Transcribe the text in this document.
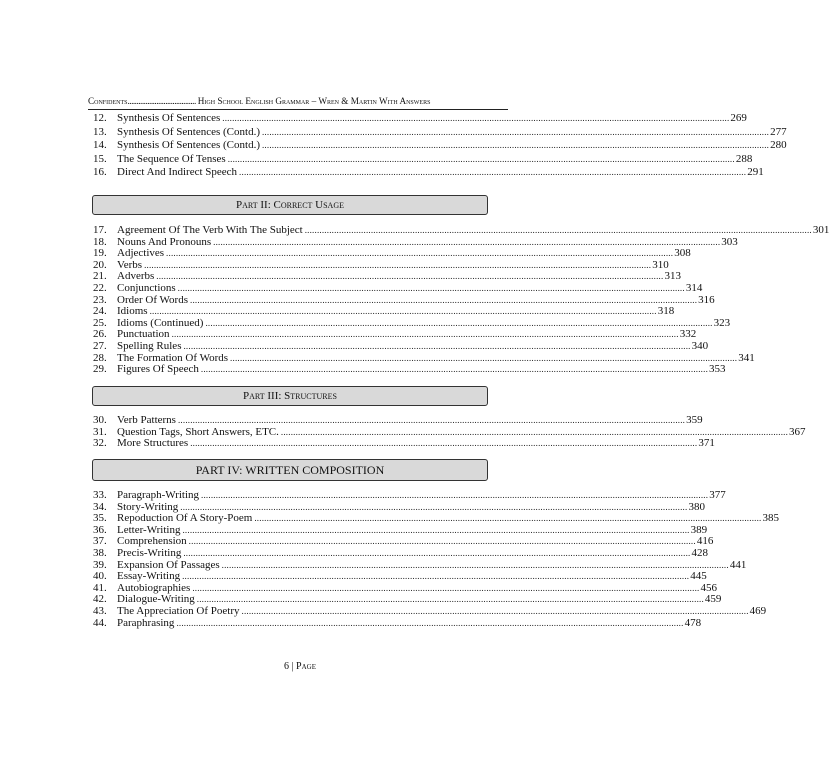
Confidents ...................................... High School English Grammar – Wren & Martin With Answers
12. Synthesis Of Sentences ............................................................................................................................................................................................................... 269
13. Synthesis Of Sentences (Contd.) ............................................................................................................................................................................................................... 277
14. Synthesis Of Sentences (Contd.) ............................................................................................................................................................................................................... 280
15. The Sequence Of Tenses ............................................................................................................................................................................................................... 288
16. Direct And Indirect Speech ............................................................................................................................................................................................................... 291
Part II: Correct Usage
17. Agreement Of The Verb With The Subject ............................................................................................................................................................................................................... 301
18. Nouns And Pronouns ............................................................................................................................................................................................................... 303
19. Adjectives ............................................................................................................................................................................................................... 308
20. Verbs ............................................................................................................................................................................................................... 310
21. Adverbs ............................................................................................................................................................................................................... 313
22. Conjunctions ............................................................................................................................................................................................................... 314
23. Order Of Words ............................................................................................................................................................................................................... 316
24. Idioms ............................................................................................................................................................................................................... 318
25. Idioms (Continued) ............................................................................................................................................................................................................... 323
26. Punctuation ............................................................................................................................................................................................................... 332
27. Spelling Rules ............................................................................................................................................................................................................... 340
28. The Formation Of Words ............................................................................................................................................................................................................... 341
29. Figures Of Speech ............................................................................................................................................................................................................... 353
Part III: Structures
30. Verb Patterns ............................................................................................................................................................................................................... 359
31. Question Tags, Short Answers, ETC. ............................................................................................................................................................................................................... 367
32. More Structures ............................................................................................................................................................................................................... 371
PART IV: WRITTEN COMPOSITION
33. Paragraph-Writing ............................................................................................................................................................................................................... 377
34. Story-Writing ............................................................................................................................................................................................................... 380
35. Repoduction Of A Story-Poem ............................................................................................................................................................................................................... 385
36. Letter-Writing ............................................................................................................................................................................................................... 389
37. Comprehension ............................................................................................................................................................................................................... 416
38. Precis-Writing ............................................................................................................................................................................................................... 428
39. Expansion Of Passages ............................................................................................................................................................................................................... 441
40. Essay-Writing ............................................................................................................................................................................................................... 445
41. Autobiographies ............................................................................................................................................................................................................... 456
42. Dialogue-Writing ............................................................................................................................................................................................................... 459
43. The Appreciation Of Poetry ............................................................................................................................................................................................................... 469
44. Paraphrasing ............................................................................................................................................................................................................... 478
6 | Page
